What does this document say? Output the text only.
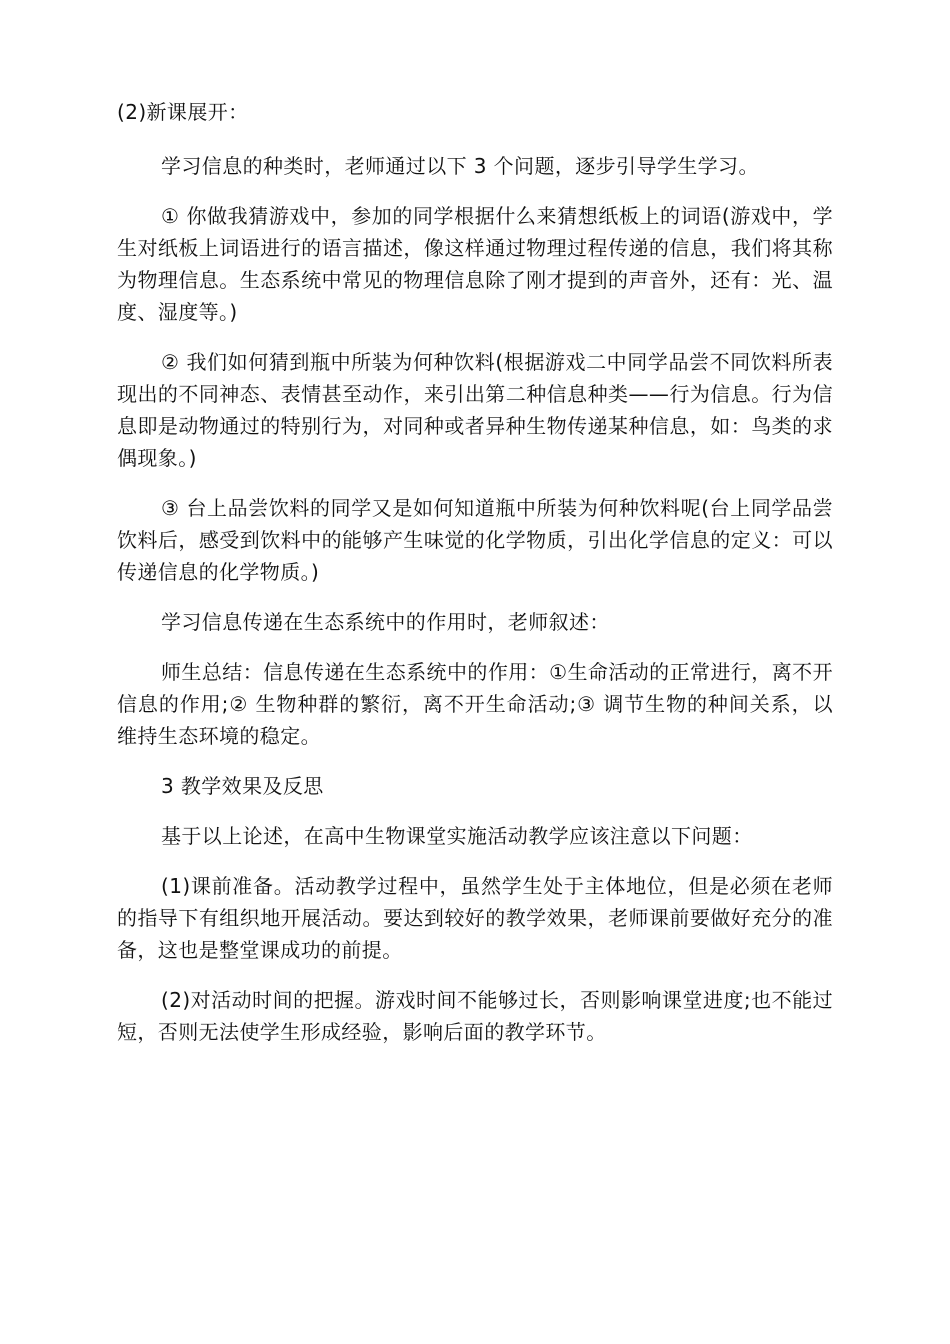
(2)新课展开：

学习信息的种类时，老师通过以下 3 个问题，逐步引导学生学习。

① 你做我猜游戏中，参加的同学根据什么来猜想纸板上的词语(游戏中，学生对纸板上词语进行的语言描述，像这样通过物理过程传递的信息，我们将其称为物理信息。生态系统中常见的物理信息除了刚才提到的声音外，还有：光、温度、湿度等。)

② 我们如何猜到瓶中所装为何种饮料(根据游戏二中同学品尝不同饮料所表现出的不同神态、表情甚至动作，来引出第二种信息种类——行为信息。行为信息即是动物通过的特别行为，对同种或者异种生物传递某种信息，如：鸟类的求偶现象。)

③ 台上品尝饮料的同学又是如何知道瓶中所装为何种饮料呢(台上同学品尝饮料后，感受到饮料中的能够产生味觉的化学物质，引出化学信息的定义：可以传递信息的化学物质。)

学习信息传递在生态系统中的作用时，老师叙述：

师生总结：信息传递在生态系统中的作用：①生命活动的正常进行，离不开信息的作用;② 生物种群的繁衍，离不开生命活动;③ 调节生物的种间关系，以维持生态环境的稳定。

3 教学效果及反思

基于以上论述，在高中生物课堂实施活动教学应该注意以下问题：

(1)课前准备。活动教学过程中，虽然学生处于主体地位，但是必须在老师的指导下有组织地开展活动。要达到较好的教学效果，老师课前要做好充分的准备，这也是整堂课成功的前提。

(2)对活动时间的把握。游戏时间不能够过长，否则影响课堂进度;也不能过短，否则无法使学生形成经验，影响后面的教学环节。
